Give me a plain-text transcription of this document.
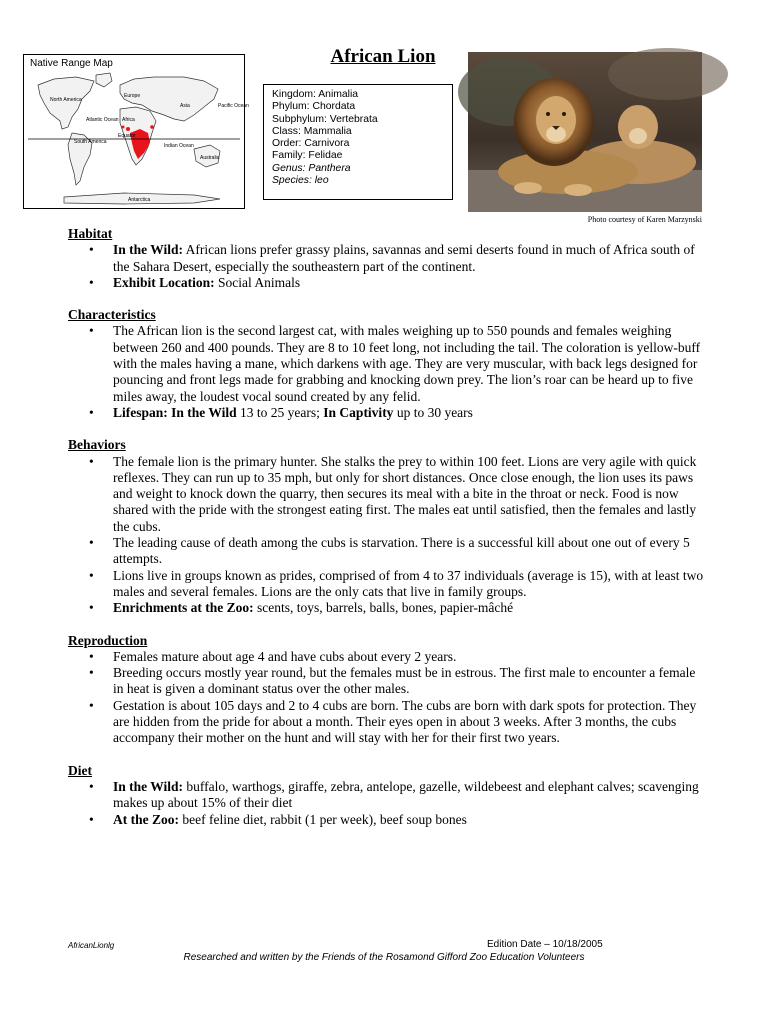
North America
Europe
Asia	Pacific Ocean
Atlantic Ocean Africa
South America
Equator
Indian Ocean
Australia
Antarctica
Native Range Map	African Lion
Kingdom: Animalia
Phylum: Chordata
Subphylum: Vertebrata
Class: Mammalia
Order: Carnivora
Family: Felidae
Genus: Panthera
Species: leo
Photo courtesy of Karen Marzynski
Habitat
• In the Wild: African lions prefer grassy plains, savannas and semi deserts found in much of Africa south of the Sahara Desert, especially the southeastern part of the continent.
• Exhibit Location: Social Animals
Characteristics
• The African lion is the second largest cat, with males weighing up to 550 pounds and females weighing between 260 and 400 pounds. They are 8 to 10 feet long, not including the tail. The coloration is yellow-buff with the males having a mane, which darkens with age. They are very muscular, with back legs designed for pouncing and front legs made for grabbing and knocking down prey. The lion’s roar can be heard up to five miles away, the loudest vocal sound created by any felid.
• Lifespan: In the Wild 13 to 25 years; In Captivity up to 30 years
Behaviors
• The female lion is the primary hunter. She stalks the prey to within 100 feet. Lions are very agile with quick reflexes. They can run up to 35 mph, but only for short distances. Once close enough, the lion uses its paws and weight to knock down the quarry, then secures its meal with a bite in the throat or neck. Food is now shared with the pride with the strongest eating first. The males eat until satisfied, then the females and lastly the cubs.
• The leading cause of death among the cubs is starvation. There is a successful kill about one out of every 5 attempts.
• Lions live in groups known as prides, comprised of from 4 to 37 individuals (average is 15), with at least two males and several females. Lions are the only cats that live in family groups.
• Enrichments at the Zoo: scents, toys, barrels, balls, bones, papier-mâché
Reproduction
• Females mature about age 4 and have cubs about every 2 years.
• Breeding occurs mostly year round, but the females must be in estrous. The first male to encounter a female in heat is given a dominant status over the other males.
• Gestation is about 105 days and 2 to 4 cubs are born. The cubs are born with dark spots for protection. They are hidden from the pride for about a month. Their eyes open in about 3 weeks. After 3 months, the cubs accompany their mother on the hunt and will stay with her for their first two years.
Diet
• In the Wild: buffalo, warthogs, giraffe, zebra, antelope, gazelle, wildebeest and elephant calves; scavenging makes up about 15% of their diet
• At the Zoo: beef feline diet, rabbit (1 per week), beef soup bones
AfricanLionlg	Edition Date – 10/18/2005
Researched and written by the Friends of the Rosamond Gifford Zoo Education Volunteers
